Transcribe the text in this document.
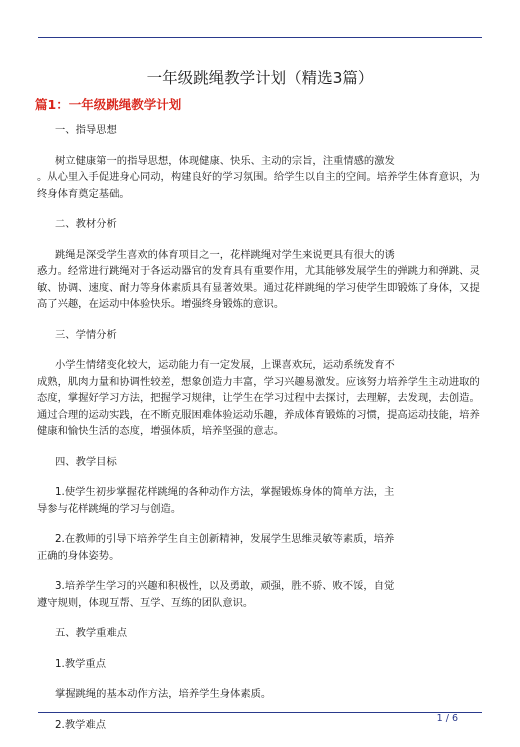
一年级跳绳教学计划（精选3篇）
篇1：一年级跳绳教学计划
一、指导思想
树立健康第一的指导思想，体现健康、快乐、主动的宗旨，注重情感的激发
。从心里入手促进身心同动，构建良好的学习氛围。给学生以自主的空间。培养学生体育意识，为终身体育奠定基础。
二、教材分析
跳绳是深受学生喜欢的体育项目之一，花样跳绳对学生来说更具有很大的诱
惑力。经常进行跳绳对于各运动器官的发育具有重要作用，尤其能够发展学生的弹跳力和弹跳、灵敏、协调、速度、耐力等身体素质具有显著效果。通过花样跳绳的学习使学生即锻炼了身体，又提高了兴趣，在运动中体验快乐。增强终身锻炼的意识。
三、学情分析
小学生情绪变化较大，运动能力有一定发展，上课喜欢玩，运动系统发育不
成熟，肌肉力量和协调性较差，想象创造力丰富，学习兴趣易激发。应该努力培养学生主动进取的态度，掌握好学习方法，把握学习规律，让学生在学习过程中去探讨，去理解，去发现，去创造。通过合理的运动实践，在不断克服困难体验运动乐趣，养成体育锻炼的习惯，提高运动技能，培养健康和愉快生活的态度，增强体质，培养坚强的意志。
四、教学目标
1.使学生初步掌握花样跳绳的各种动作方法，掌握锻炼身体的简单方法，主
导参与花样跳绳的学习与创造。
2.在教师的引导下培养学生自主创新精神，发展学生思维灵敏等素质，培养
正确的身体姿势。
3.培养学生学习的兴趣和积极性，以及勇敢，顽强，胜不骄、败不馁，自觉
遵守规则，体现互帮、互学、互练的团队意识。
五、教学重难点
1.教学重点
掌握跳绳的基本动作方法，培养学生身体素质。
2.教学难点	1 / 6
